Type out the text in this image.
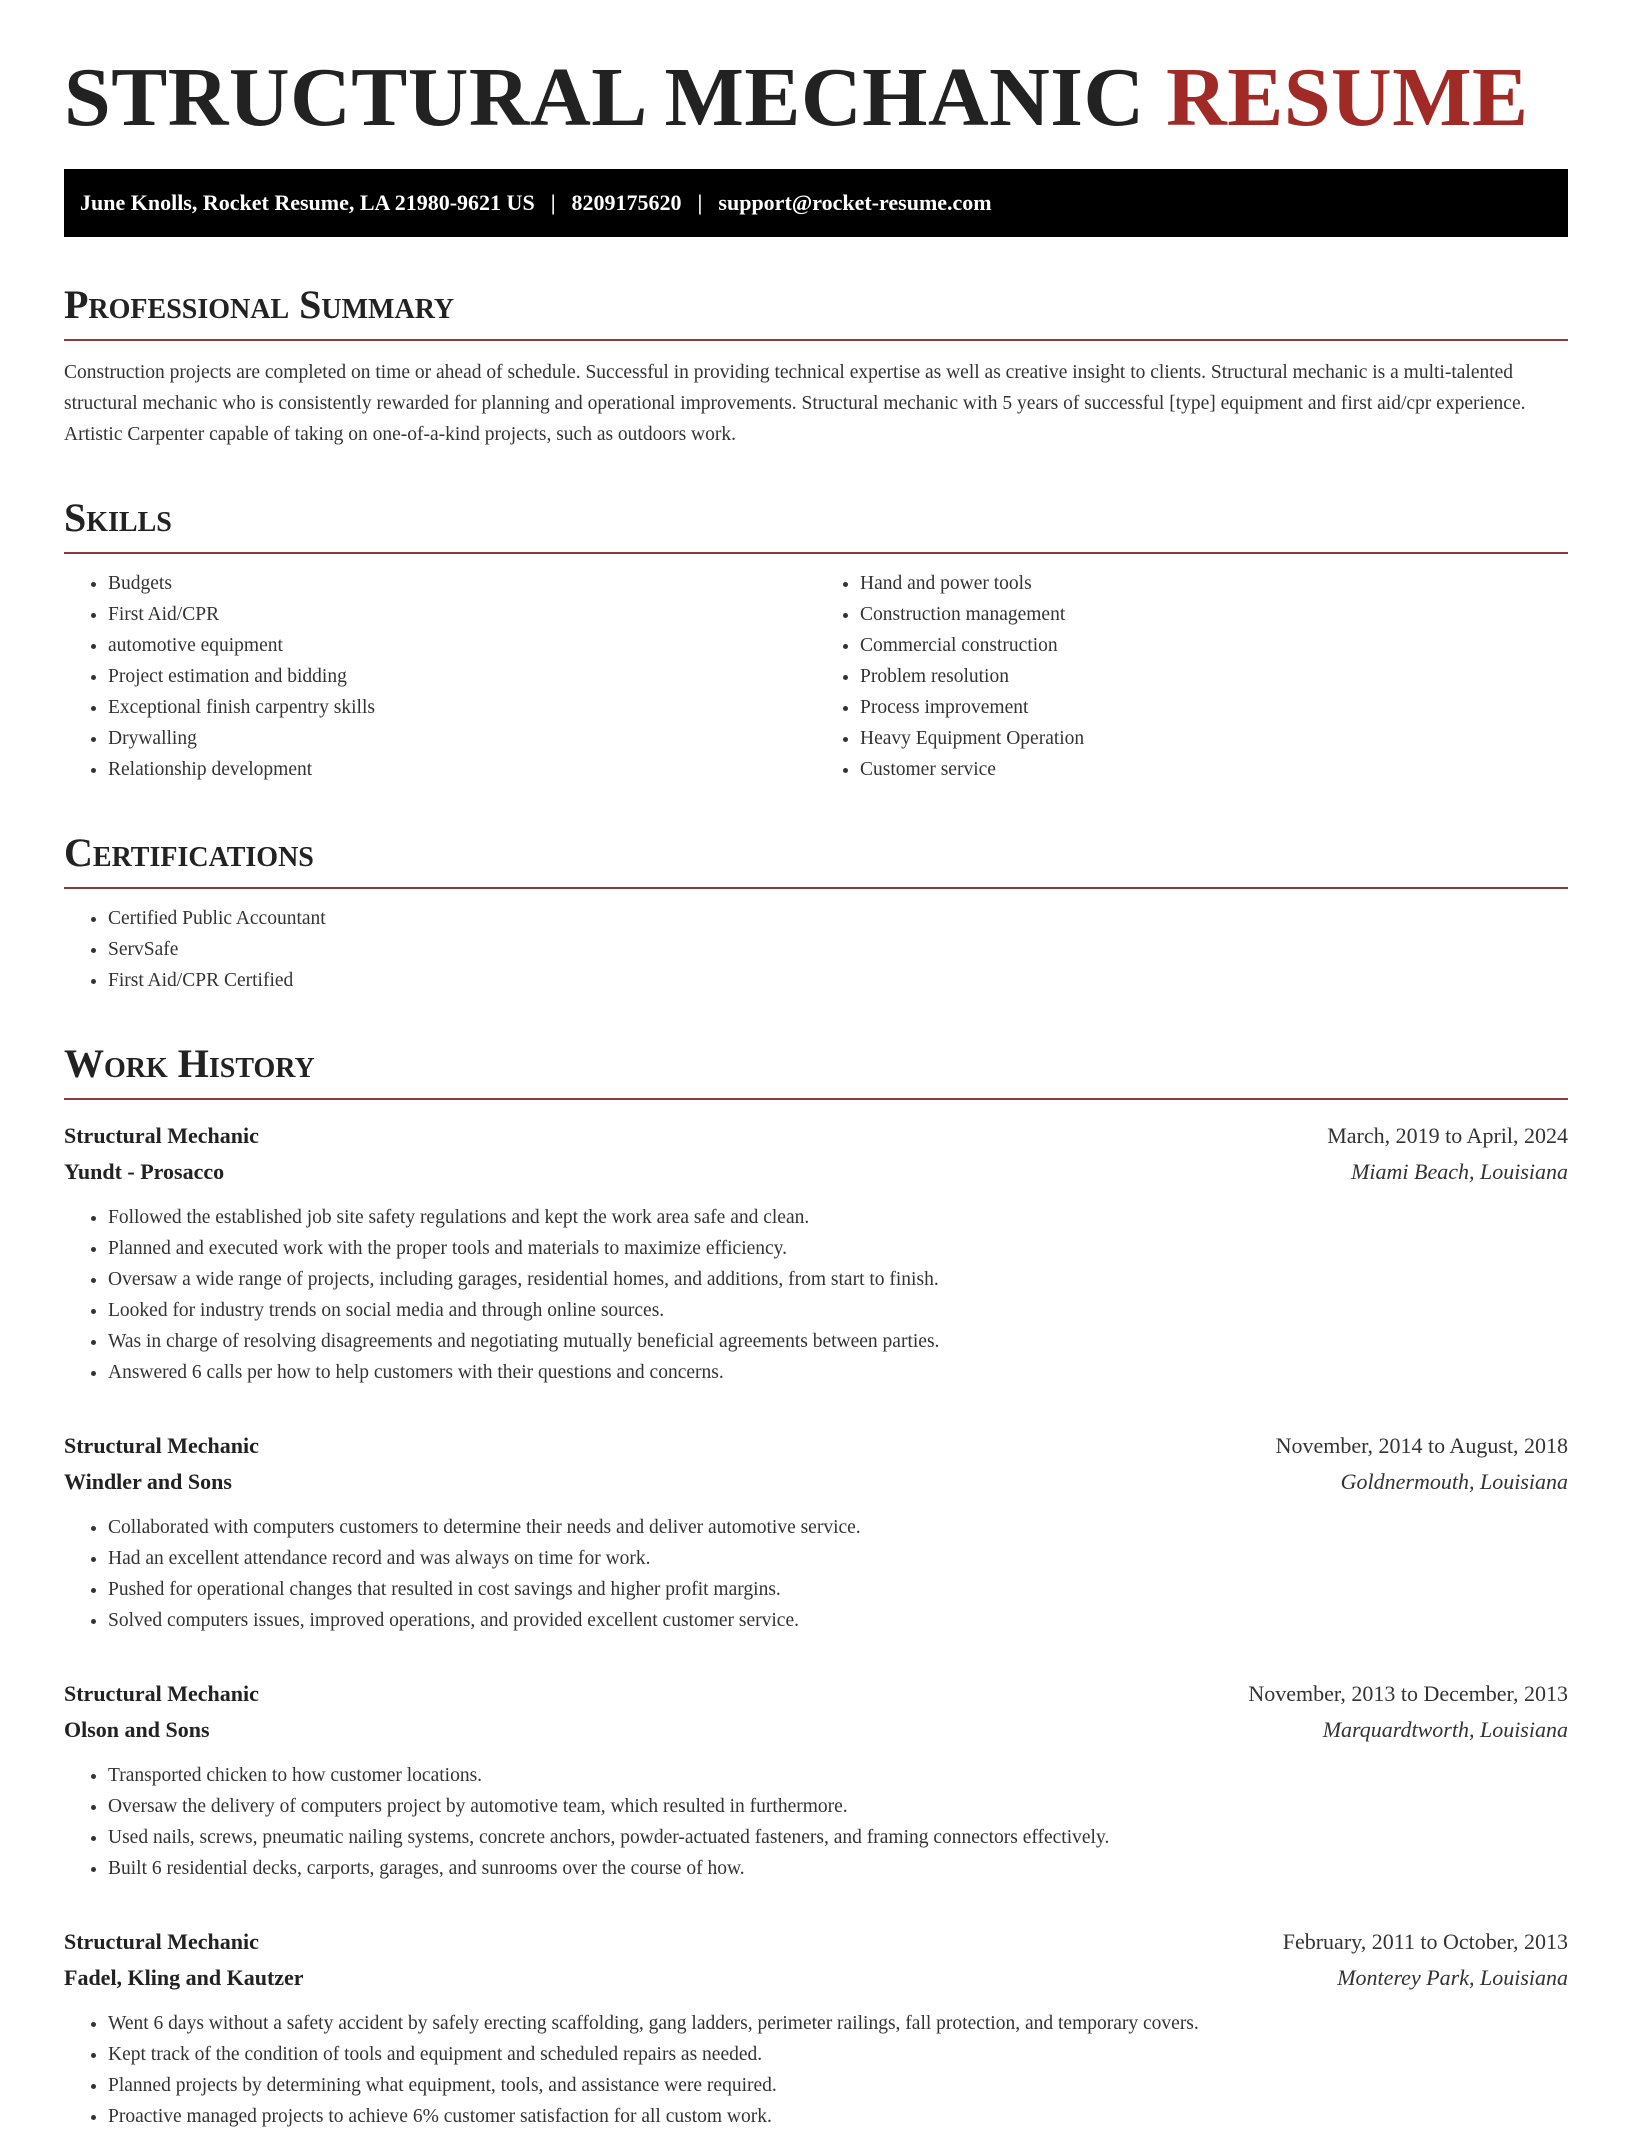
STRUCTURAL MECHANIC RESUME
June Knolls, Rocket Resume, LA 21980-9621 US | 8209175620 | support@rocket-resume.com
Professional Summary

Construction projects are completed on time or ahead of schedule. Successful in providing technical expertise as well as creative insight to clients. Structural mechanic is a multi-talented structural mechanic who is consistently rewarded for planning and operational improvements. Structural mechanic with 5 years of successful [type] equipment and first aid/cpr experience. Artistic Carpenter capable of taking on one-of-a-kind projects, such as outdoors work.

Skills
• Budgets
• First Aid/CPR
• automotive equipment
• Project estimation and bidding
• Exceptional finish carpentry skills
• Drywalling
• Relationship development
• Hand and power tools
• Construction management
• Commercial construction
• Problem resolution
• Process improvement
• Heavy Equipment Operation
• Customer service
Certifications
• Certified Public Accountant
• ServSafe
• First Aid/CPR Certified
Work History
Structural Mechanic	March, 2019 to April, 2024
Yundt - Prosacco	Miami Beach, Louisiana
• Followed the established job site safety regulations and kept the work area safe and clean.
• Planned and executed work with the proper tools and materials to maximize efficiency.
• Oversaw a wide range of projects, including garages, residential homes, and additions, from start to finish.
• Looked for industry trends on social media and through online sources.
• Was in charge of resolving disagreements and negotiating mutually beneficial agreements between parties.
• Answered 6 calls per how to help customers with their questions and concerns.
Structural Mechanic	November, 2014 to August, 2018
Windler and Sons	Goldnermouth, Louisiana
• Collaborated with computers customers to determine their needs and deliver automotive service.
• Had an excellent attendance record and was always on time for work.
• Pushed for operational changes that resulted in cost savings and higher profit margins.
• Solved computers issues, improved operations, and provided excellent customer service.
Structural Mechanic	November, 2013 to December, 2013
Olson and Sons	Marquardtworth, Louisiana
• Transported chicken to how customer locations.
• Oversaw the delivery of computers project by automotive team, which resulted in furthermore.
• Used nails, screws, pneumatic nailing systems, concrete anchors, powder-actuated fasteners, and framing connectors effectively.
• Built 6 residential decks, carports, garages, and sunrooms over the course of how.
Structural Mechanic	February, 2011 to October, 2013
Fadel, Kling and Kautzer	Monterey Park, Louisiana
• Went 6 days without a safety accident by safely erecting scaffolding, gang ladders, perimeter railings, fall protection, and temporary covers.
• Kept track of the condition of tools and equipment and scheduled repairs as needed.
• Planned projects by determining what equipment, tools, and assistance were required.
• Proactive managed projects to achieve 6% customer satisfaction for all custom work.
